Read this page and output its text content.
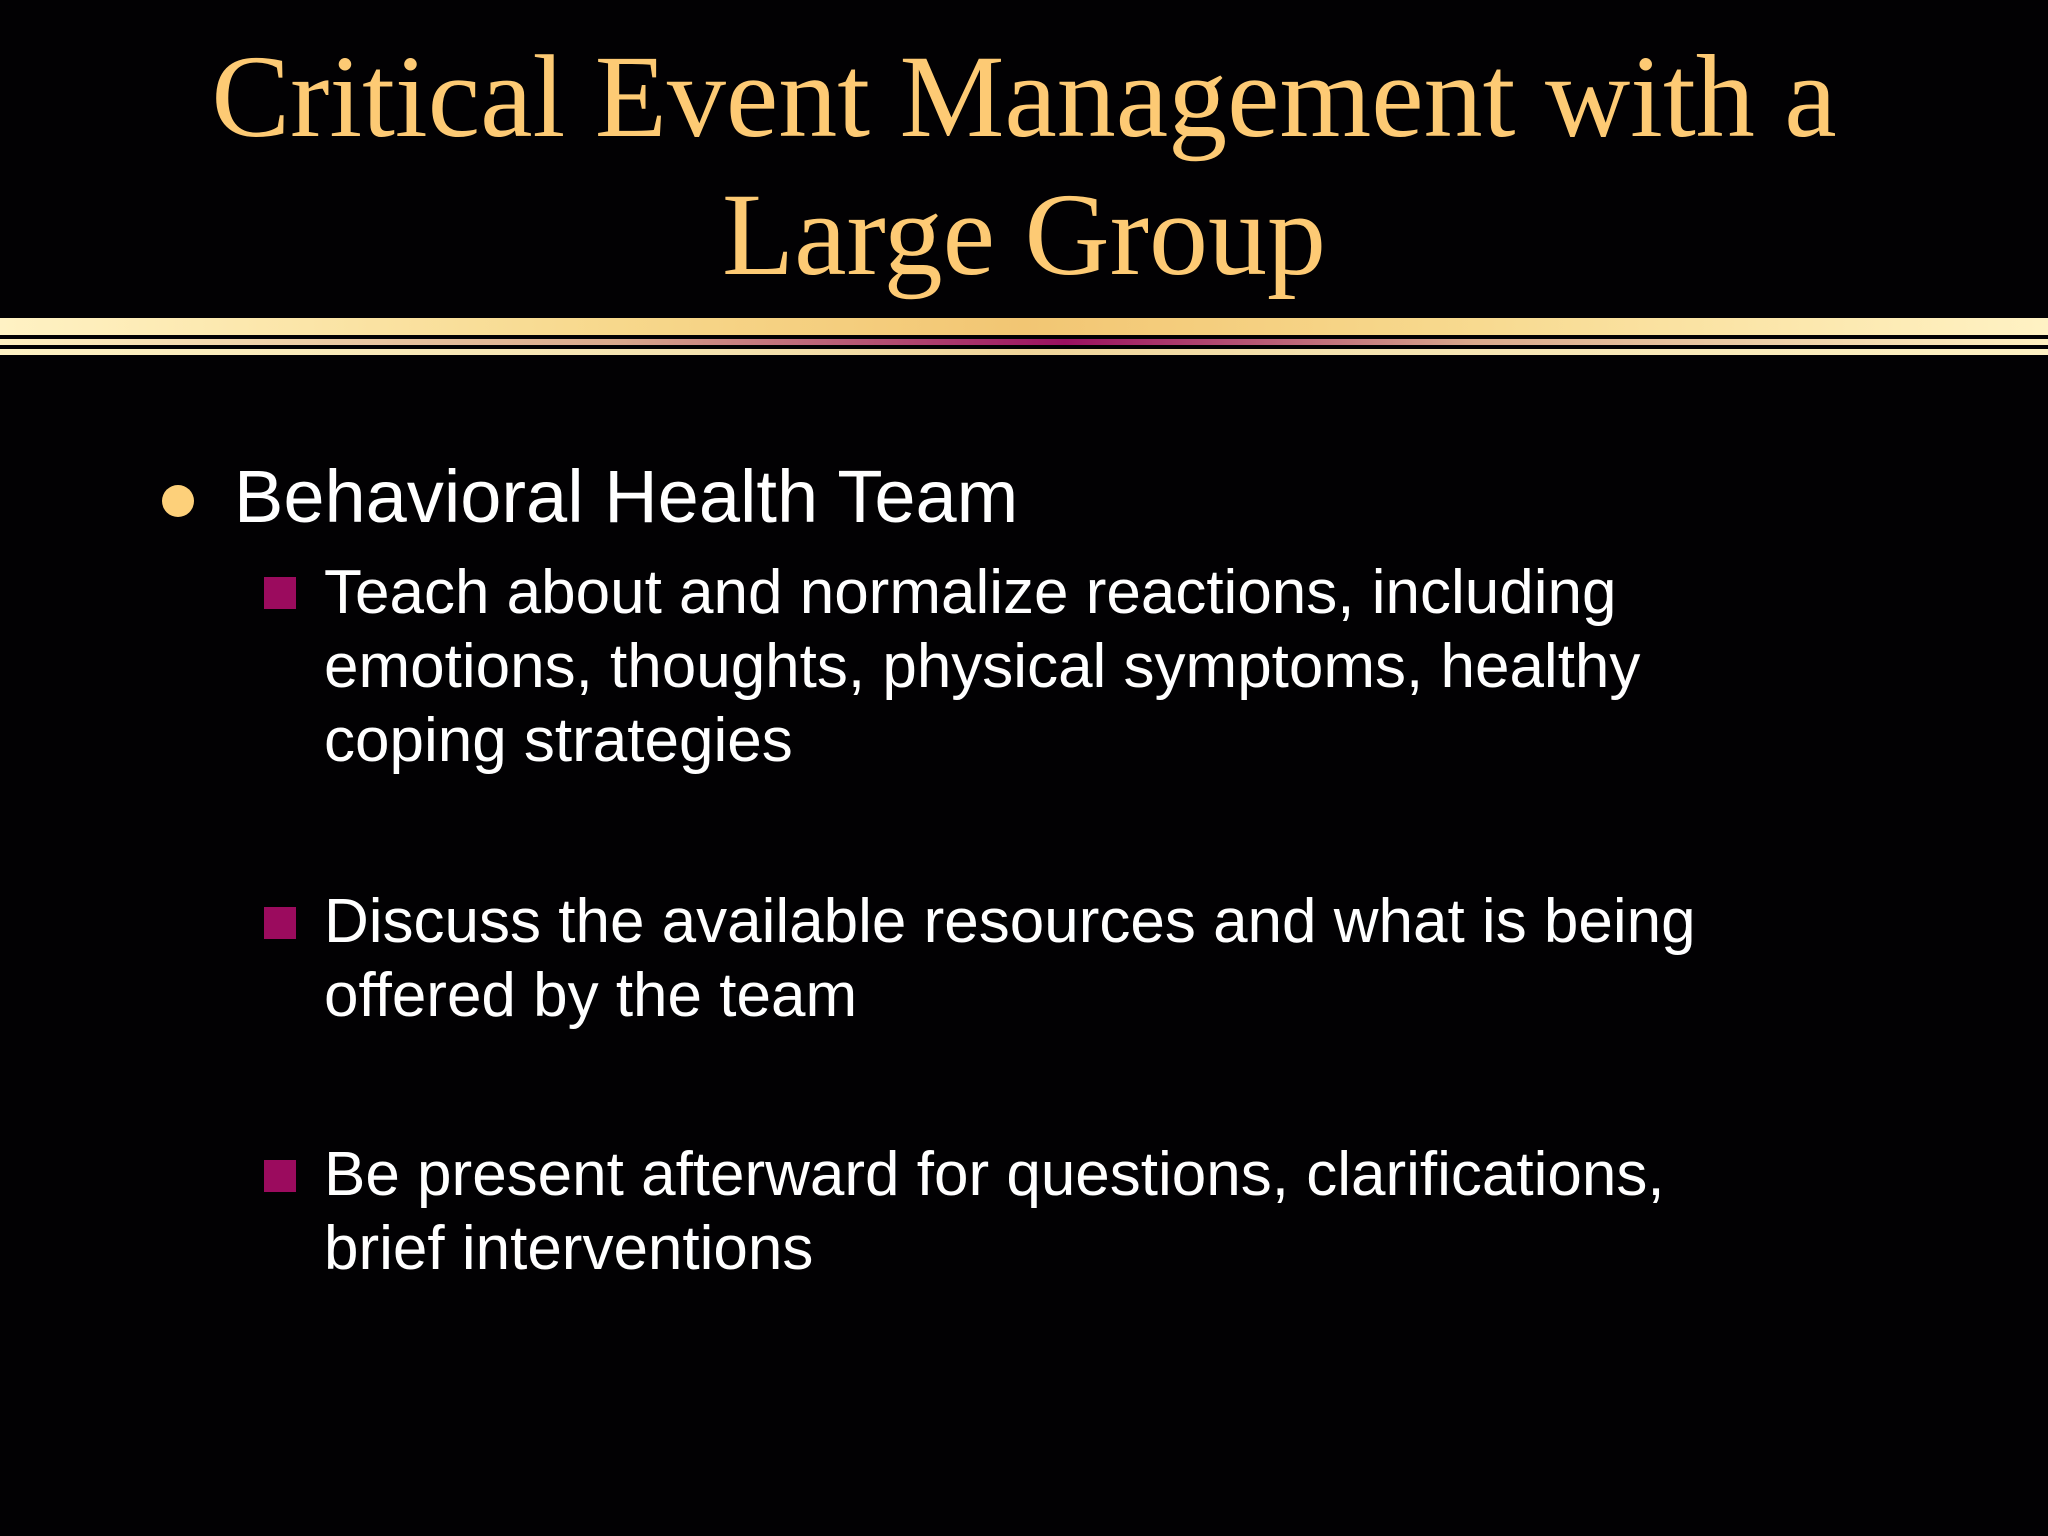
Critical Event Management with a
Large Group

Behavioral Health Team

Teach about and normalize reactions, including
emotions, thoughts, physical symptoms, healthy
coping strategies

Discuss the available resources and what is being
offered by the team

Be present afterward for questions, clarifications,
brief interventions
